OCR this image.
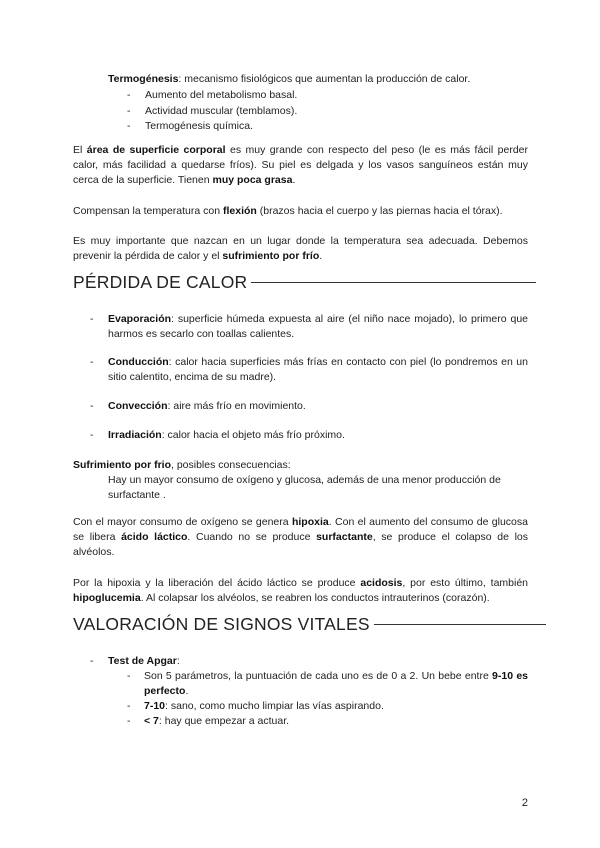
Termogénesis: mecanismo fisiológicos que aumentan la producción de calor.

- Aumento del metabolismo basal.
- Actividad muscular (temblamos).
- Termogénesis química.

El área de superficie corporal es muy grande con respecto del peso (le es más fácil perder calor, más facilidad a quedarse fríos). Su piel es delgada y los vasos sanguíneos están muy cerca de la superficie. Tienen muy poca grasa.

Compensan la temperatura con flexión (brazos hacia el cuerpo y las piernas hacia el tórax).

Es muy importante que nazcan en un lugar donde la temperatura sea adecuada. Debemos prevenir la pérdida de calor y el sufrimiento por frío.

PÉRDIDA DE CALOR
- Evaporación: superficie húmeda expuesta al aire (el niño nace mojado), lo primero que harmos es secarlo con toallas calientes.
- Conducción: calor hacia superficies más frías en contacto con piel (lo pondremos en un sitio calentito, encima de su madre).
- Convección: aire más frío en movimiento.
- Irradiación: calor hacia el objeto más frío próximo.

Sufrimiento por frio, posibles consecuencias:

Hay un mayor consumo de oxígeno y glucosa, además de una menor producción de surfactante .

Con el mayor consumo de oxígeno se genera hipoxia. Con el aumento del consumo de glucosa se libera ácido láctico. Cuando no se produce surfactante, se produce el colapso de los alvéolos.

Por la hipoxia y la liberación del ácido láctico se produce acidosis, por esto último, también hipoglucemia. Al colapsar los alvéolos, se reabren los conductos intrauterinos (corazón).

VALORACIÓN DE SIGNOS VITALES
- Test de Apgar:
- Son 5 parámetros, la puntuación de cada uno es de 0 a 2. Un bebe entre 9-10 es perfecto.
- 7-10: sano, como mucho limpiar las vías aspirando.
- < 7: hay que empezar a actuar.
2
